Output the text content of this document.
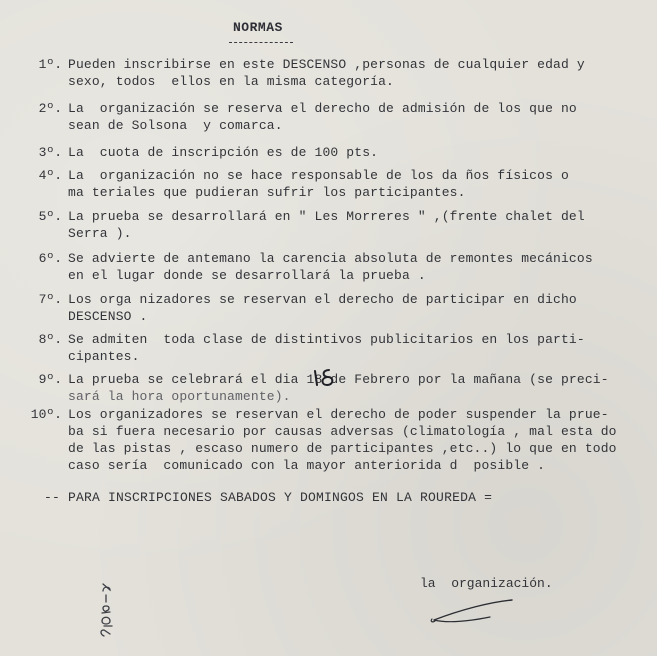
NORMAS
1º. Pueden inscribirse en este DESCENSO ,personas de cualquier edad y
sexo, todos  ellos en la misma categoría.
2º. La  organización se reserva el derecho de admisión de los que no
sean de Solsona  y comarca.
3º. La  cuota de inscripción es de 100 pts.
4º. La  organización no se hace responsable de los da ños físicos o
ma teriales que pudieran sufrir los participantes.
5º. La prueba se desarrollará en " Les Morreres " ,(frente chalet del
Serra ).
6º. Se advierte de antemano la carencia absoluta de remontes mecánicos
en el lugar donde se desarrollará la prueba .
7º. Los orga nizadores se reservan el derecho de participar en dicho
DESCENSO .
8º. Se admiten  toda clase de distintivos publicitarios en los parti-
cipantes.
9º. La prueba se celebrará el dia 18 de Febrero por la mañana (se preci-
sará la hora oportunamente).
10º. Los organizadores se reservan el derecho de poder suspender la prue-
ba si fuera necesario por causas adversas (climatología , mal esta do
de las pistas , escaso numero de participantes ,etc..) lo que en todo
caso sería  comunicado con la mayor anteriorida d  posible .
-- PARA INSCRIPCIONES SABADOS Y DOMINGOS EN LA ROUREDA =
la  organización.
